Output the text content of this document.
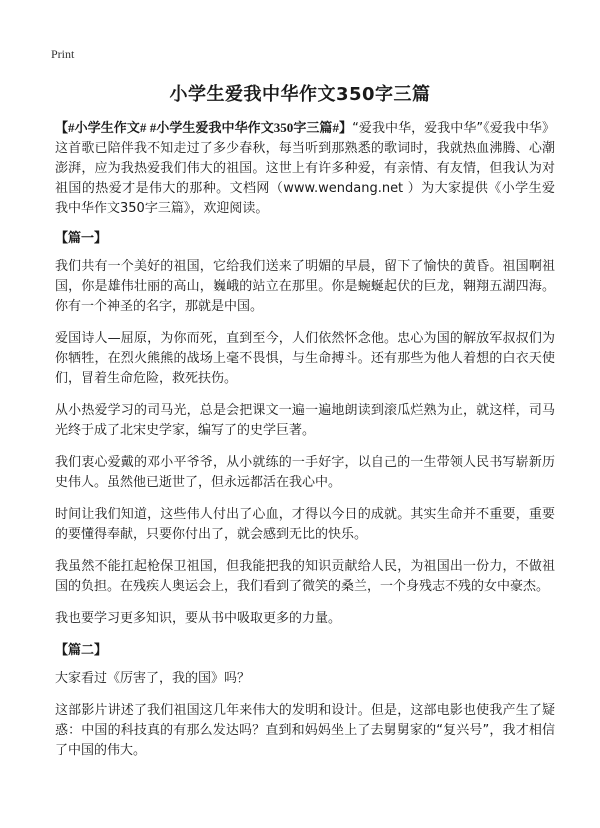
Print
小学生爱我中华作文350字三篇

【#小学生作文# #小学生爱我中华作文350字三篇#】“爱我中华，爱我中华”《爱我中华》这首歌已陪伴我不知走过了多少春秋，每当听到那熟悉的歌词时，我就热血沸腾、心潮澎湃，应为我热爱我们伟大的祖国。这世上有许多种爱，有亲情、有友情，但我认为对祖国的热爱才是伟大的那种。文档网（www.wendang.net ）为大家提供《小学生爱我中华作文350字三篇》，欢迎阅读。

【篇一】

我们共有一个美好的祖国，它给我们送来了明媚的早晨，留下了愉快的黄昏。祖国啊祖国，你是雄伟壮丽的高山，巍峨的站立在那里。你是蜿蜒起伏的巨龙，翱翔五湖四海。你有一个神圣的名字，那就是中国。

爱国诗人—屈原，为你而死，直到至今，人们依然怀念他。忠心为国的解放军叔叔们为你牺牲，在烈火熊熊的战场上毫不畏惧，与生命搏斗。还有那些为他人着想的白衣天使们，冒着生命危险，救死扶伤。

从小热爱学习的司马光，总是会把课文一遍一遍地朗读到滚瓜烂熟为止，就这样，司马光终于成了北宋史学家，编写了的史学巨著。

我们衷心爱戴的邓小平爷爷，从小就练的一手好字，以自己的一生带领人民书写崭新历史伟人。虽然他已逝世了，但永远都活在我心中。

时间让我们知道，这些伟人付出了心血，才得以今日的成就。其实生命并不重要，重要的要懂得奉献，只要你付出了，就会感到无比的快乐。

我虽然不能扛起枪保卫祖国，但我能把我的知识贡献给人民，为祖国出一份力，不做祖国的负担。在残疾人奥运会上，我们看到了微笑的桑兰，一个身残志不残的女中豪杰。

我也要学习更多知识，要从书中吸取更多的力量。

【篇二】

大家看过《厉害了，我的国》吗？

这部影片讲述了我们祖国这几年来伟大的发明和设计。但是，这部电影也使我产生了疑惑：中国的科技真的有那么发达吗？直到和妈妈坐上了去舅舅家的“复兴号”，我才相信了中国的伟大。
